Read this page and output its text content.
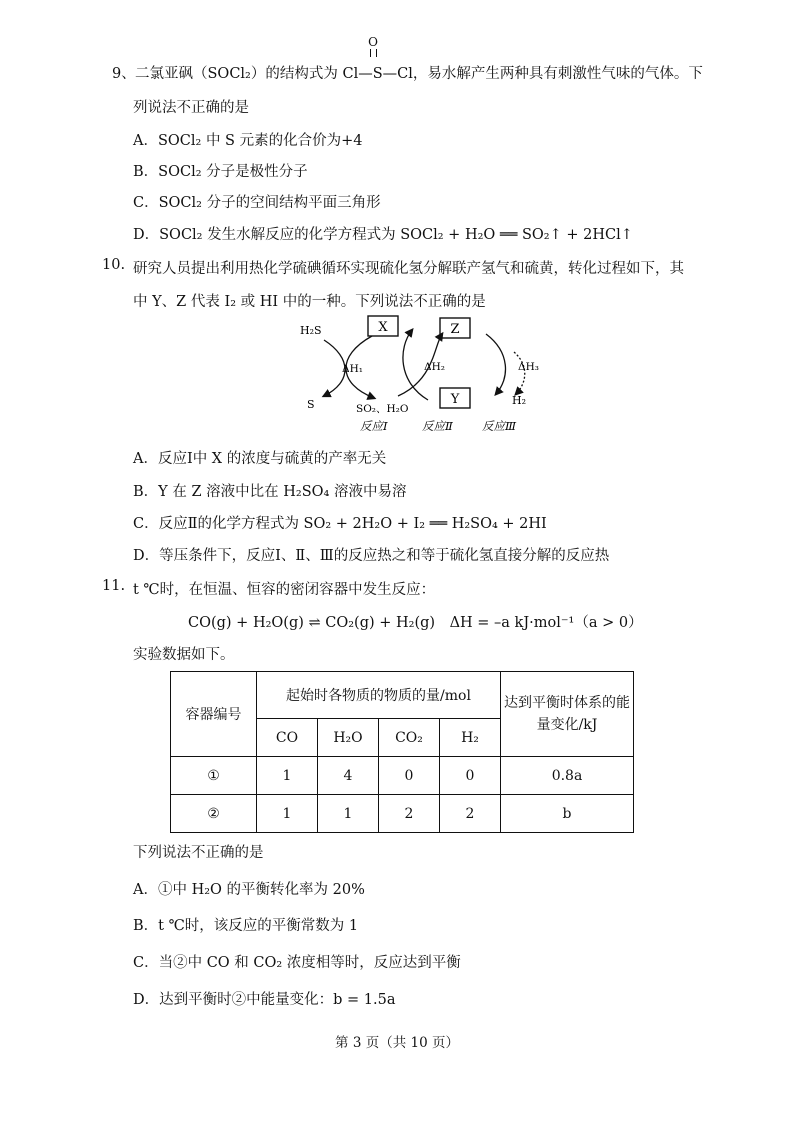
O
9、 二氯亚砜（SOCl₂）的结构式为 Cl—S—Cl，易水解产生两种具有刺激性气味的气体。下
列说法不正确的是
A．SOCl₂ 中 S 元素的化合价为+4
B．SOCl₂ 分子是极性分子
C．SOCl₂ 分子的空间结构平面三角形
D．SOCl₂ 发生水解反应的化学方程式为 SOCl₂ + H₂O ══ SO₂↑ + 2HCl↑
10. 研究人员提出利用热化学硫碘循环实现硫化氢分解联产氢气和硫黄，转化过程如下，其
中 Y、Z 代表 I₂ 或 HI 中的一种。下列说法不正确的是
X	Z
Y
H₂S
S	SO₂、H₂O
ΔH₁	ΔH₂	ΔH₃
H₂
反应Ⅰ	反应Ⅱ	反应Ⅲ
A．反应Ⅰ中 X 的浓度与硫黄的产率无关
B．Y 在 Z 溶液中比在 H₂SO₄ 溶液中易溶
C．反应Ⅱ的化学方程式为 SO₂ + 2H₂O + I₂ ══ H₂SO₄ + 2HI
D．等压条件下，反应Ⅰ、Ⅱ、Ⅲ的反应热之和等于硫化氢直接分解的反应热
11. t ℃时，在恒温、恒容的密闭容器中发生反应：
CO(g) + H₂O(g) ⇌ CO₂(g) + H₂(g)　ΔH = –a kJ·mol⁻¹（a > 0）
实验数据如下。
容器编号	起始时各物质的物质的量/mol				达到平衡时体系的能量变化/kJ
	CO	H₂O	CO₂	H₂	
①	1	4	0	0	0.8a
②	1	1	2	2	b
下列说法不正确的是
A．①中 H₂O 的平衡转化率为 20%
B．t ℃时，该反应的平衡常数为 1
C．当②中 CO 和 CO₂ 浓度相等时，反应达到平衡
D．达到平衡时②中能量变化：b = 1.5a
第 3 页（共 10 页）
